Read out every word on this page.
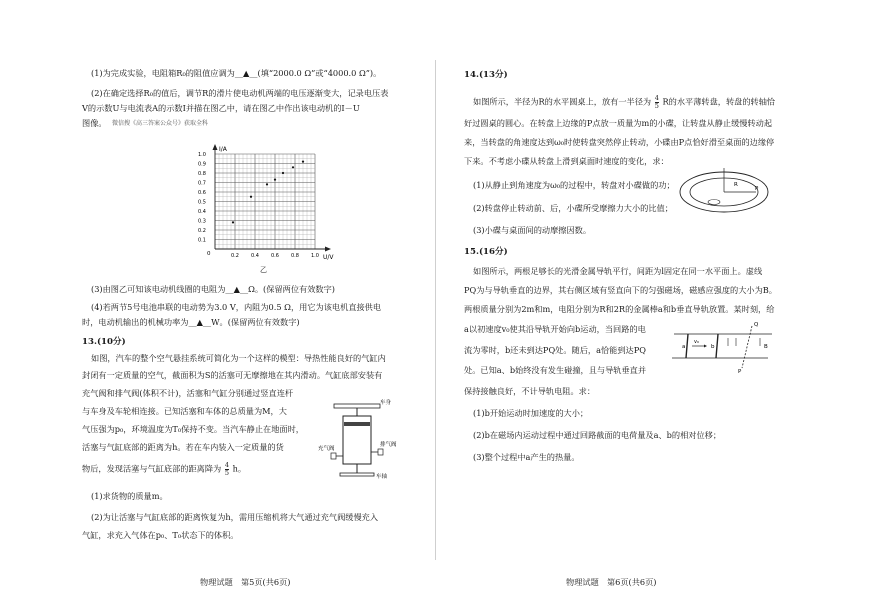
(1)为完成实验，电阻箱R₀的阻值应调为__▲__(填“2000.0 Ω”或“4000.0 Ω”)。
(2)在确定选择R₀的值后，调节R的滑片使电动机两端的电压逐渐变大，记录电压表
V的示数U与电流表A的示数I并描在图乙中，请在图乙中作出该电动机的I－U
图像。 微信搜《高三答案公众号》获取全科
I/A
U/V
0
1.0
0.9
0.8
0.7
0.6
0.5
0.4
0.3
0.2
0.1
0.2 0.4 0.6 0.8 1.0
乙
(3)由图乙可知该电动机线圈的电阻为__▲__Ω。(保留两位有效数字)
(4)若两节5号电池串联的电动势为3.0 V，内阻为0.5 Ω，用它为该电机直接供电
时，电动机输出的机械功率为__▲__W。(保留两位有效数字)
13.(10分)
如图，汽车的整个空气悬挂系统可简化为一个这样的模型：导热性能良好的气缸内
封闭有一定质量的空气，截面积为S的活塞可无摩擦地在其内滑动。气缸底部安装有
充气阀和排气阀(体积不计)，活塞和气缸分别通过竖直连杆
与车身及车轮相连接。已知活塞和车体的总质量为M，大
气压强为p₀，环境温度为T₀保持不变。当汽车静止在地面时，
活塞与气缸底部的距离为h。若在车内装入一定质量的货
物后，发现活塞与气缸底部的距离降为 $\frac{4}{5}$ h。
(1)求货物的质量m。
(2)为让活塞与气缸底部的距离恢复为h，需用压缩机将大气通过充气阀缓慢充入
气缸，求充入气体在p₀、T₀状态下的体积。
车身
充气阀
排气阀
车轴
物理试题　第5页(共6页)
14.(13分)
如图所示，半径为R的水平圆桌上，放有一半径为 $\frac{4}{5}$ R的水平薄转盘，转盘的转轴恰
好过圆桌的圆心。在转盘上边缘的P点放一质量为m的小碟，让转盘从静止缓慢转动起
来，当转盘的角速度达到ω₀时使转盘突然停止转动，小碟由P点恰好滑至桌面的边缘停
下来。不考虑小碟从转盘上滑到桌面时速度的变化，求：
(1)从静止到角速度为ω₀的过程中，转盘对小碟做的功；
(2)转盘停止转动前、后，小碟所受摩擦力大小的比值；
(3)小碟与桌面间的动摩擦因数。
R
P
15.(16分)
如图所示，两根足够长的光滑金属导轨平行，间距为l固定在同一水平面上。虚线
PQ为与导轨垂直的边界，其右侧区域有竖直向下的匀强磁场，磁感应强度的大小为B。
两根质量分别为2m和m，电阻分别为R和2R的金属棒a和b垂直导轨放置。某时刻，给
a以初速度v₀使其沿导轨开始向b运动，当回路的电
流为零时，b还未到达PQ处。随后，a恰能到达PQ
处。已知a、b始终没有发生碰撞，且与导轨垂直并
保持接触良好，不计导轨电阻。求：
(1)b开始运动时加速度的大小；
(2)b在磁场内运动过程中通过回路截面的电荷量及a、b的相对位移；
(3)整个过程中a产生的热量。
a	b
v₀
B
Q
P
物理试题　第6页(共6页)
